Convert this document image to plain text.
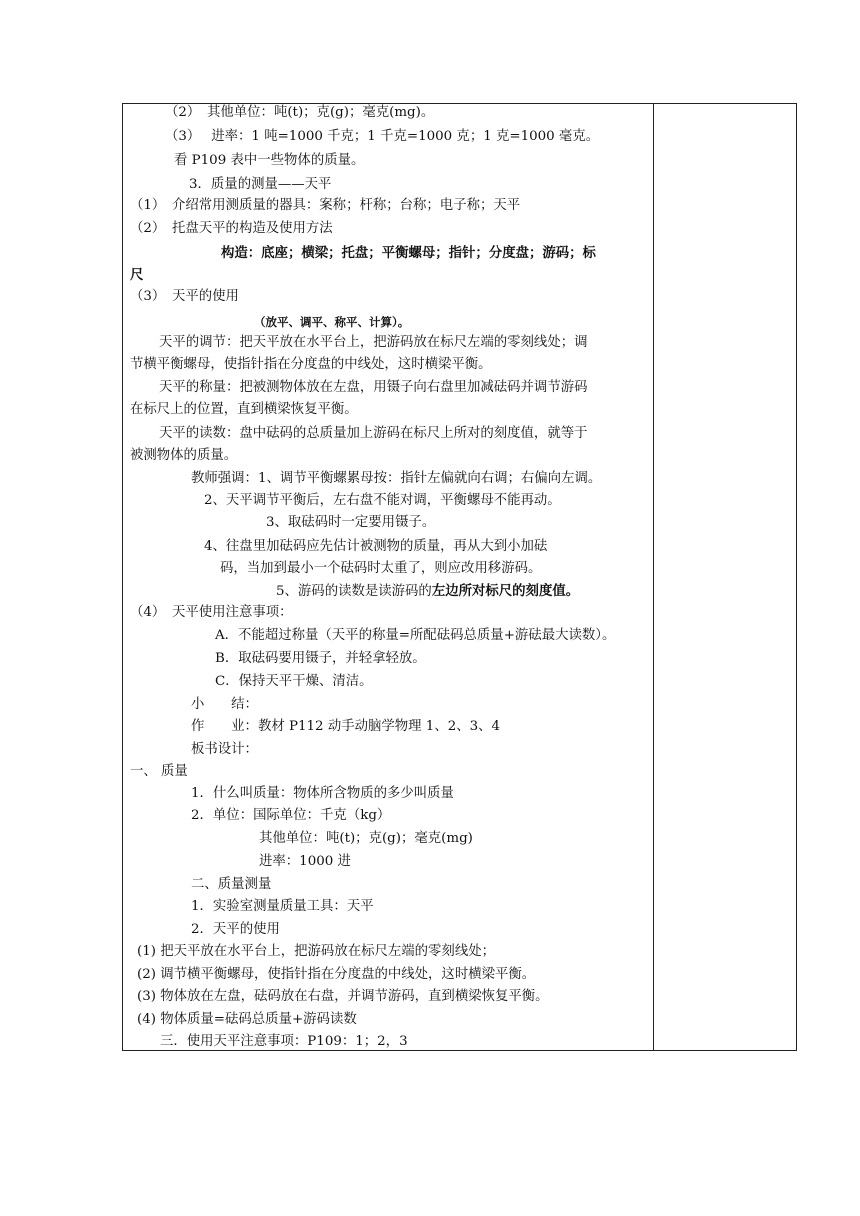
（2）　其他单位：吨(t)；克(g)；毫克(mg)。
（3）　 进率：1 吨=1000 千克；1 千克=1000 克；1 克=1000 毫克。
看 P109 表中一些物体的质量。
3．质量的测量——天平
（1）　介绍常用测质量的器具：案称；杆称；台称；电子称；天平
（2）　托盘天平的构造及使用方法
构造：底座；横梁；托盘；平衡螺母；指针；分度盘；游码；标
尺
（3）　天平的使用
（放平、调平、称平、计算）。
天平的调节：把天平放在水平台上，把游码放在标尺左端的零刻线处；调
节横平衡螺母，使指针指在分度盘的中线处，这时横梁平衡。
天平的称量：把被测物体放在左盘，用镊子向右盘里加减砝码并调节游码
在标尺上的位置，直到横梁恢复平衡。
天平的读数：盘中砝码的总质量加上游码在标尺上所对的刻度值，就等于
被测物体的质量。
教师强调：1、调节平衡螺累母按：指针左偏就向右调；右偏向左调。
2、天平调节平衡后，左右盘不能对调，平衡螺母不能再动。
3、取砝码时一定要用镊子。
4、往盘里加砝码应先估计被测物的质量，再从大到小加砝
码，当加到最小一个砝码时太重了，则应改用移游码。
5、游码的读数是读游码的左边所对标尺的刻度值。
（4）　天平使用注意事项：
A．不能超过称量（天平的称量=所配砝码总质量+游砝最大读数）。
B．取砝码要用镊子，并轻拿轻放。
C．保持天平干燥、清洁。
小　　结：
作　　业：教材 P112 动手动脑学物理 1、2、3、4
板书设计：
一、 质量
1．什么叫质量：物体所含物质的多少叫质量
2．单位：国际单位：千克（kg）
其他单位：吨(t)；克(g)；毫克(mg)
进率：1000 进
二、质量测量
1．实验室测量质量工具：天平
2．天平的使用
(1) 把天平放在水平台上，把游码放在标尺左端的零刻线处；
(2) 调节横平衡螺母，使指针指在分度盘的中线处，这时横梁平衡。
(3) 物体放在左盘，砝码放在右盘，并调节游码，直到横梁恢复平衡。
(4) 物体质量=砝码总质量+游码读数
三．使用天平注意事项：P109：1；2，3
